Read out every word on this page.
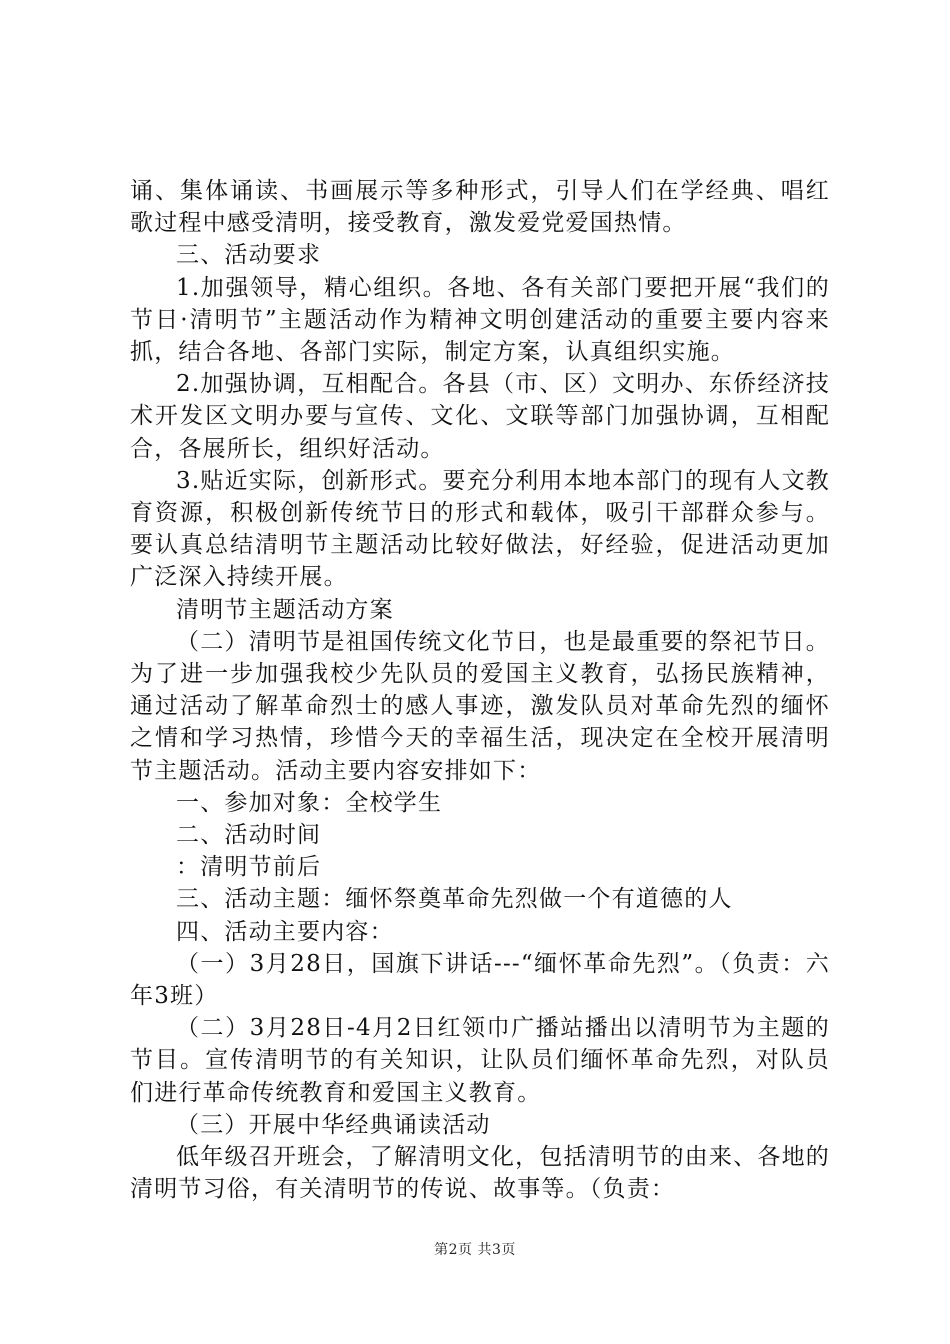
诵、集体诵读、书画展示等多种形式，引导人们在学经典、唱红歌过程中感受清明，接受教育，激发爱党爱国热情。

三、活动要求

1.加强领导，精心组织。各地、各有关部门要把开展“我们的节日·清明节”主题活动作为精神文明创建活动的重要主要内容来抓，结合各地、各部门实际，制定方案，认真组织实施。

2.加强协调，互相配合。各县（市、区）文明办、东侨经济技术开发区文明办要与宣传、文化、文联等部门加强协调，互相配合，各展所长，组织好活动。

3.贴近实际，创新形式。要充分利用本地本部门的现有人文教育资源，积极创新传统节日的形式和载体，吸引干部群众参与。要认真总结清明节主题活动比较好做法，好经验，促进活动更加广泛深入持续开展。

清明节主题活动方案

（二）清明节是祖国传统文化节日，也是最重要的祭祀节日。为了进一步加强我校少先队员的爱国主义教育，弘扬民族精神，通过活动了解革命烈士的感人事迹，激发队员对革命先烈的缅怀之情和学习热情，珍惜今天的幸福生活，现决定在全校开展清明节主题活动。活动主要内容安排如下：

一、参加对象：全校学生

二、活动时间

：清明节前后

三、活动主题：缅怀祭奠革命先烈做一个有道德的人

四、活动主要内容：

（一）3月28日，国旗下讲话---“缅怀革命先烈”。（负责：六年3班）

（二）3月28日-4月2日红领巾广播站播出以清明节为主题的节目。宣传清明节的有关知识，让队员们缅怀革命先烈，对队员们进行革命传统教育和爱国主义教育。

（三）开展中华经典诵读活动

低年级召开班会，了解清明文化，包括清明节的由来、各地的清明节习俗，有关清明节的传说、故事等。（负责：

第2页 共3页
